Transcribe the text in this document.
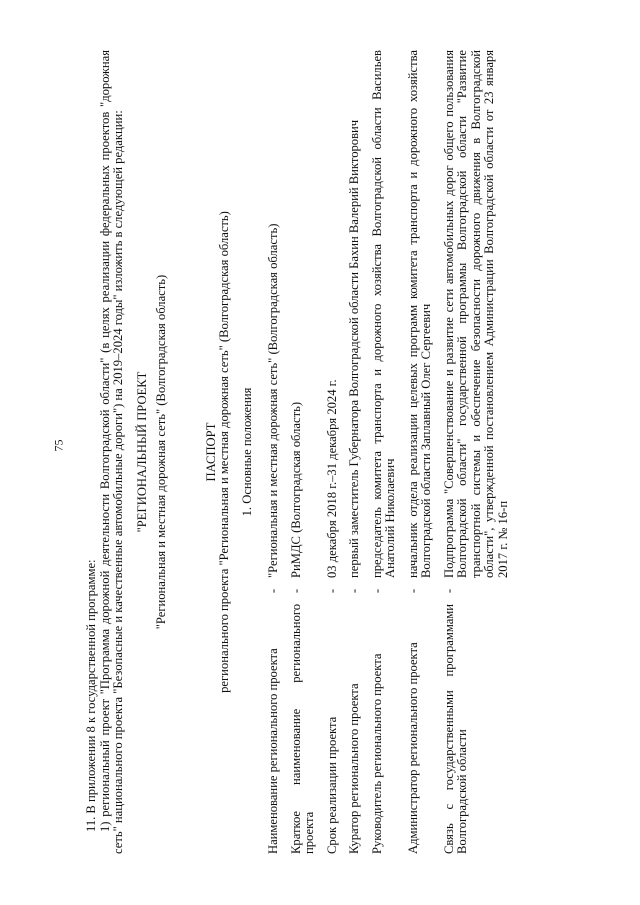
75

11. В приложении 8 к государственной программе: 1) региональный проект "Программа дорожной деятельности Волгоградской области" (в целях реализации федеральных проектов "дорожная сеть" национального проекта "Безопасные и качественные автомобильные дороги") на 2019–2024 годы" изложить в следующей редакции: "РЕГИОНАЛЬНЫЙ ПРОЕКТ "Региональная и местная дорожная сеть" (Волгоградская область)	ПАСПОРТ регионального проекта "Региональная и местная дорожная сеть" (Волгоградская область) 1. Основные положения

Наименование регионального проекта	-	"Региональная и местная дорожная сеть" (Волгоградская область)

Краткое наименование регионального проекта	-	РиМДС (Волгоградская область)
Срок реализации проекта	-	03 декабря 2018 г.–31 декабря 2024 г.
Куратор регионального проекта	-	первый заместитель Губернатора Волгоградской области Бахин Валерий Викторович
Руководитель регионального проекта	-	председатель комитета транспорта и дорожного хозяйства Волгоградской области Васильев Анатолий Николаевич
Администратор регионального проекта	-	начальник отдела реализации целевых программ комитета транспорта и дорожного хозяйства Волгоградской области Заплавный Олег Сергеевич
Связь с государственными программами Волгоградской области	-	Подпрограмма "Совершенствование и развитие сети автомобильных дорог общего пользования Волгоградской области" государственной программы Волгоградской области "Развитие транспортной системы и обеспечение безопасности дорожного движения в Волгоградской области", утвержденной постановлением Администрации Волгоградской области от 23 января 2017 г. № 16-п
